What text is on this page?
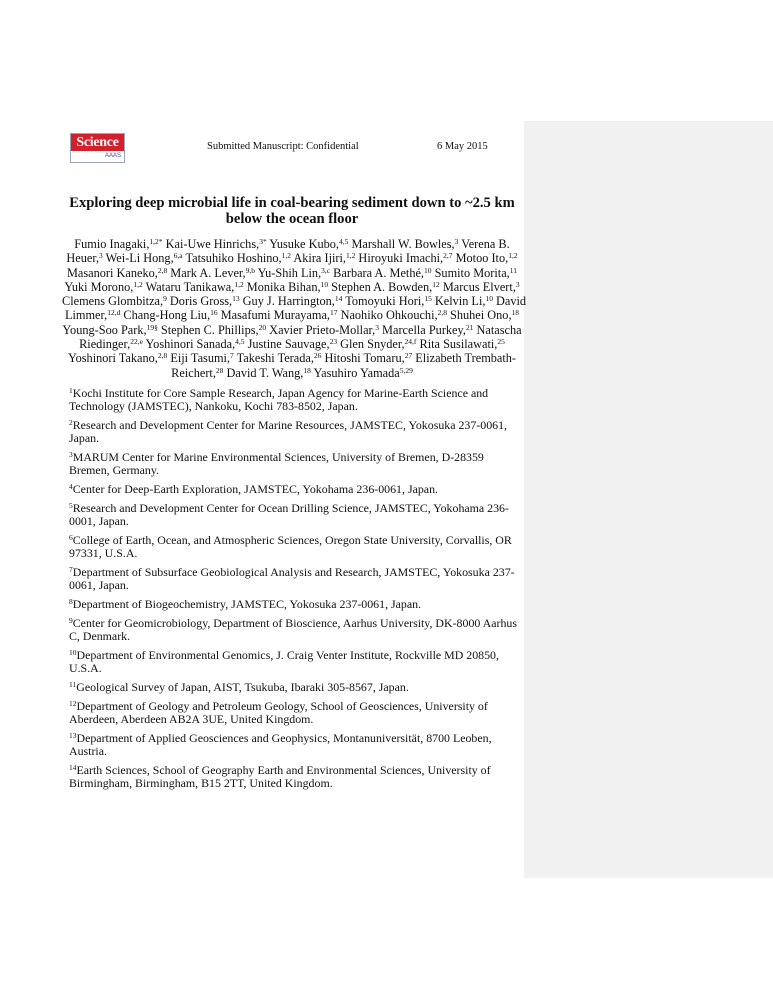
Science
AAAS
Submitted Manuscript: Confidential	6 May 2015
Exploring deep microbial life in coal-bearing sediment down to ~2.5 km below the ocean floor
Fumio Inagaki,$^{1,2*}$ Kai-Uwe Hinrichs,$^{3*}$ Yusuke Kubo,$^{4,5}$ Marshall W. Bowles,$^3$ Verena B.
Heuer,$^3$ Wei-Li Hong,$^{6,a}$ Tatsuhiko Hoshino,$^{1,2}$ Akira Ijiri,$^{1,2}$ Hiroyuki Imachi,$^{2,7}$ Motoo Ito,$^{1,2}$
Masanori Kaneko,$^{2,8}$ Mark A. Lever,$^{9,b}$ Yu-Shih Lin,$^{3,c}$ Barbara A. Methé,$^{10}$ Sumito Morita,$^{11}$
Yuki Morono,$^{1,2}$ Wataru Tanikawa,$^{1,2}$ Monika Bihan,$^{10}$ Stephen A. Bowden,$^{12}$ Marcus Elvert,$^3$
Clemens Glombitza,$^9$ Doris Gross,$^{13}$ Guy J. Harrington,$^{14}$ Tomoyuki Hori,$^{15}$ Kelvin Li,$^{10}$ David
Limmer,$^{12,d}$ Chang-Hong Liu,$^{16}$ Masafumi Murayama,$^{17}$ Naohiko Ohkouchi,$^{2,8}$ Shuhei Ono,$^{18}$
Young-Soo Park,$^{19\S}$ Stephen C. Phillips,$^{20}$ Xavier Prieto-Mollar,$^3$ Marcella Purkey,$^{21}$ Natascha
Riedinger,$^{22,e}$ Yoshinori Sanada,$^{4,5}$ Justine Sauvage,$^{23}$ Glen Snyder,$^{24,f}$ Rita Susilawati,$^{25}$
Yoshinori Takano,$^{2,8}$ Eiji Tasumi,$^7$ Takeshi Terada,$^{26}$ Hitoshi Tomaru,$^{27}$ Elizabeth Trembath-
Reichert,$^{28}$ David T. Wang,$^{18}$ Yasuhiro Yamada$^{5,29}$

$^1$Kochi Institute for Core Sample Research, Japan Agency for Marine-Earth Science and Technology (JAMSTEC), Nankoku, Kochi 783-8502, Japan.

$^2$Research and Development Center for Marine Resources, JAMSTEC, Yokosuka 237-0061, Japan.

$^3$MARUM Center for Marine Environmental Sciences, University of Bremen, D-28359 Bremen, Germany.

$^4$Center for Deep-Earth Exploration, JAMSTEC, Yokohama 236-0061, Japan.

$^5$Research and Development Center for Ocean Drilling Science, JAMSTEC, Yokohama 236-0001, Japan.

$^6$College of Earth, Ocean, and Atmospheric Sciences, Oregon State University, Corvallis, OR 97331, U.S.A.

$^7$Department of Subsurface Geobiological Analysis and Research, JAMSTEC, Yokosuka 237-0061, Japan.

$^8$Department of Biogeochemistry, JAMSTEC, Yokosuka 237-0061, Japan.

$^9$Center for Geomicrobiology, Department of Bioscience, Aarhus University, DK-8000 Aarhus C, Denmark.

$^{10}$Department of Environmental Genomics, J. Craig Venter Institute, Rockville MD 20850, U.S.A.

$^{11}$Geological Survey of Japan, AIST, Tsukuba, Ibaraki 305-8567, Japan.

$^{12}$Department of Geology and Petroleum Geology, School of Geosciences, University of Aberdeen, Aberdeen AB2A 3UE, United Kingdom.

$^{13}$Department of Applied Geosciences and Geophysics, Montanuniversität, 8700 Leoben, Austria.

$^{14}$Earth Sciences, School of Geography Earth and Environmental Sciences, University of Birmingham, Birmingham, B15 2TT, United Kingdom.
